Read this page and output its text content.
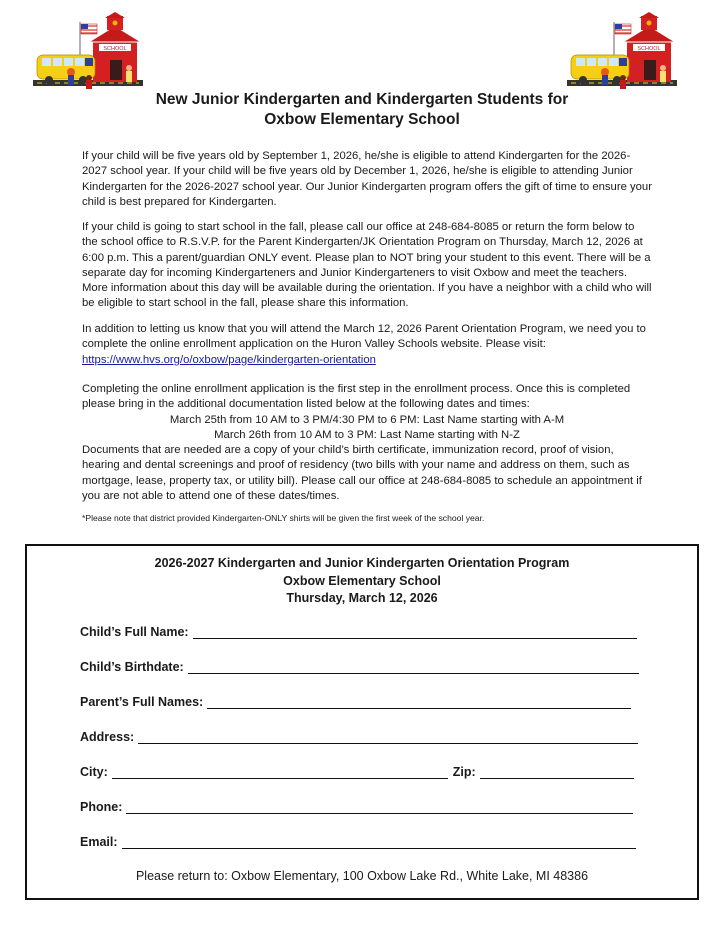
SCHOOL	SCHOOL
New Junior Kindergarten and Kindergarten Students for
Oxbow Elementary School

If your child will be five years old by September 1, 2026, he/she is eligible to attend Kindergarten for the 2026-2027 school year. If your child will be five years old by December 1, 2026, he/she is eligible to attending Junior Kindergarten for the 2026-2027 school year. Our Junior Kindergarten program offers the gift of time to ensure your child is best prepared for Kindergarten.

If your child is going to start school in the fall, please call our office at 248-684-8085 or return the form below to the school office to R.S.V.P. for the Parent Kindergarten/JK Orientation Program on Thursday, March 12, 2026 at 6:00 p.m. This a parent/guardian ONLY event. Please plan to NOT bring your student to this event. There will be a separate day for incoming Kindergarteners and Junior Kindergarteners to visit Oxbow and meet the teachers. More information about this day will be available during the orientation. If you have a neighbor with a child who will be eligible to start school in the fall, please share this information.

In addition to letting us know that you will attend the March 12, 2026 Parent Orientation Program, we need you to complete the online enrollment application on the Huron Valley Schools website. Please visit:

https://www.hvs.org/o/oxbow/page/kindergarten-orientation

Completing the online enrollment application is the first step in the enrollment process. Once this is completed please bring in the additional documentation listed below at the following dates and times:

March 25th from 10 AM to 3 PM/4:30 PM to 6 PM: Last Name starting with A-M

March 26th from 10 AM to 3 PM: Last Name starting with N-Z

Documents that are needed are a copy of your child’s birth certificate, immunization record, proof of vision, hearing and dental screenings and proof of residency (two bills with your name and address on them, such as mortgage, lease, property tax, or utility bill). Please call our office at 248-684-8085 to schedule an appointment if you are not able to attend one of these dates/times.

*Please note that district provided Kindergarten-ONLY shirts will be given the first week of the school year.
2026-2027 Kindergarten and Junior Kindergarten Orientation Program
Oxbow Elementary School
Thursday, March 12, 2026
Child’s Full Name:
Child’s Birthdate:
Parent’s Full Names:
Address:
City:	Zip:
Phone:
Email:
Please return to: Oxbow Elementary, 100 Oxbow Lake Rd., White Lake, MI 48386
